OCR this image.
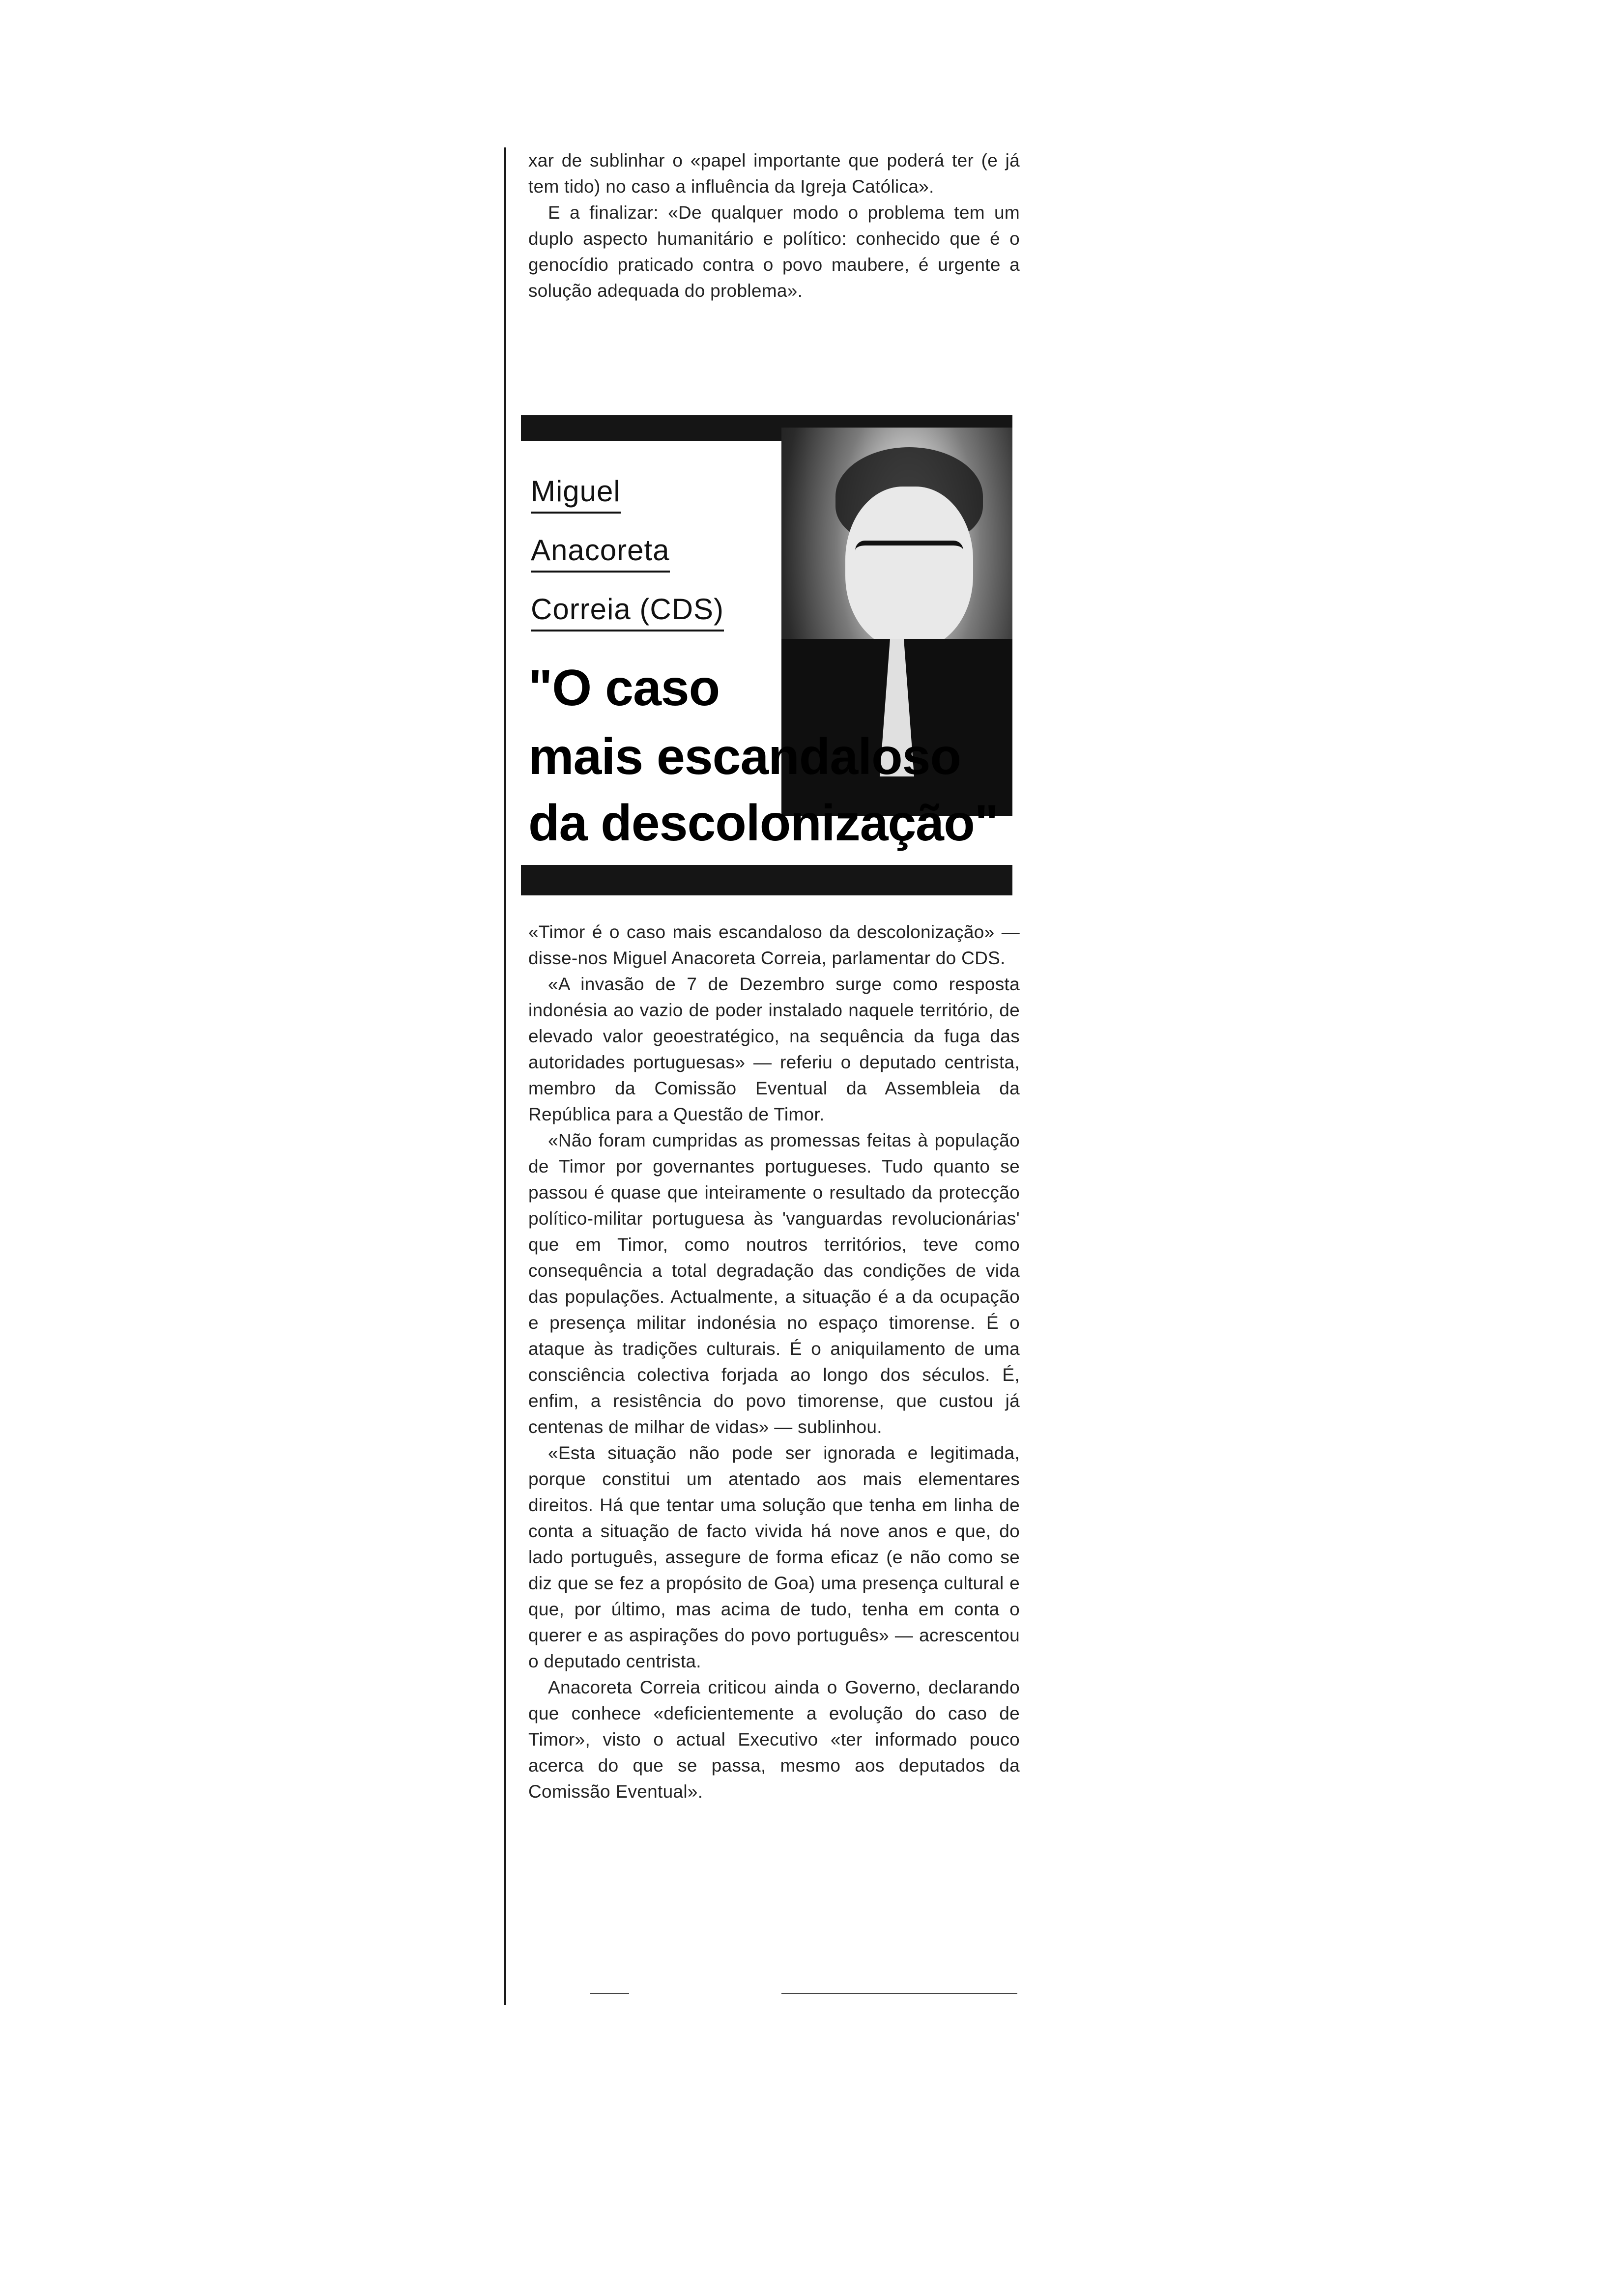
xar de sublinhar o «papel importante que poderá ter (e já tem tido) no caso a influência da Igreja Católica».

E a finalizar: «De qualquer modo o problema tem um duplo aspecto humanitário e político: conhecido que é o genocídio praticado contra o povo maubere, é urgente a solução adequada do problema».

Miguel
Anacoreta
Correia (CDS)
"O caso
mais escandaloso
da descolonização"

«Timor é o caso mais escandaloso da descolonização» — disse-nos Miguel Anacoreta Correia, parlamentar do CDS.

«A invasão de 7 de Dezembro surge como resposta indonésia ao vazio de poder instalado naquele território, de elevado valor geoestratégico, na sequência da fuga das autoridades portuguesas» — referiu o deputado centrista, membro da Comissão Eventual da Assembleia da República para a Questão de Timor.

«Não foram cumpridas as promessas feitas à população de Timor por governantes portugueses. Tudo quanto se passou é quase que inteiramente o resultado da protecção político-militar portuguesa às 'vanguardas revolucionárias' que em Timor, como noutros territórios, teve como consequência a total degradação das condições de vida das populações. Actualmente, a situação é a da ocupação e presença militar indonésia no espaço timorense. É o ataque às tradições culturais. É o aniquilamento de uma consciência colectiva forjada ao longo dos séculos. É, enfim, a resistência do povo timorense, que custou já centenas de milhar de vidas» — sublinhou.

«Esta situação não pode ser ignorada e legitimada, porque constitui um atentado aos mais elementares direitos. Há que tentar uma solução que tenha em linha de conta a situação de facto vivida há nove anos e que, do lado português, assegure de forma eficaz (e não como se diz que se fez a propósito de Goa) uma presença cultural e que, por último, mas acima de tudo, tenha em conta o querer e as aspirações do povo português» — acrescentou o deputado centrista.

Anacoreta Correia criticou ainda o Governo, declarando que conhece «deficientemente a evolução do caso de Timor», visto o actual Executivo «ter informado pouco acerca do que se passa, mesmo aos deputados da Comissão Eventual».
